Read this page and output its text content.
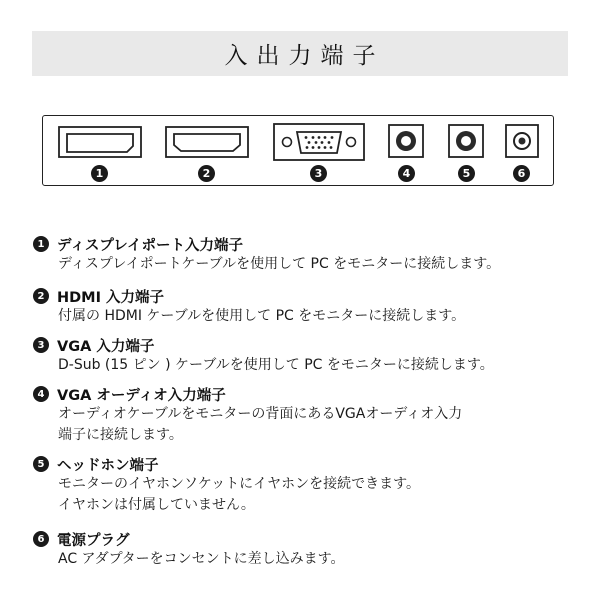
入出力端子
1	2	3	4	5	6
1 ディスプレイポート入力端子
ディスプレイポートケーブルを使用して PC をモニターに接続します。
2 HDMI 入力端子
付属の HDMI ケーブルを使用して PC をモニターに接続します。
3 VGA 入力端子
D-Sub (15 ピン ) ケーブルを使用して PC をモニターに接続します。
4 VGA オーディオ入力端子
オーディオケーブルをモニターの背面にあるVGAオーディオ入力
端子に接続します。
5 ヘッドホン端子
モニターのイヤホンソケットにイヤホンを接続できます。
イヤホンは付属していません。
6 電源プラグ
AC アダプターをコンセントに差し込みます。
